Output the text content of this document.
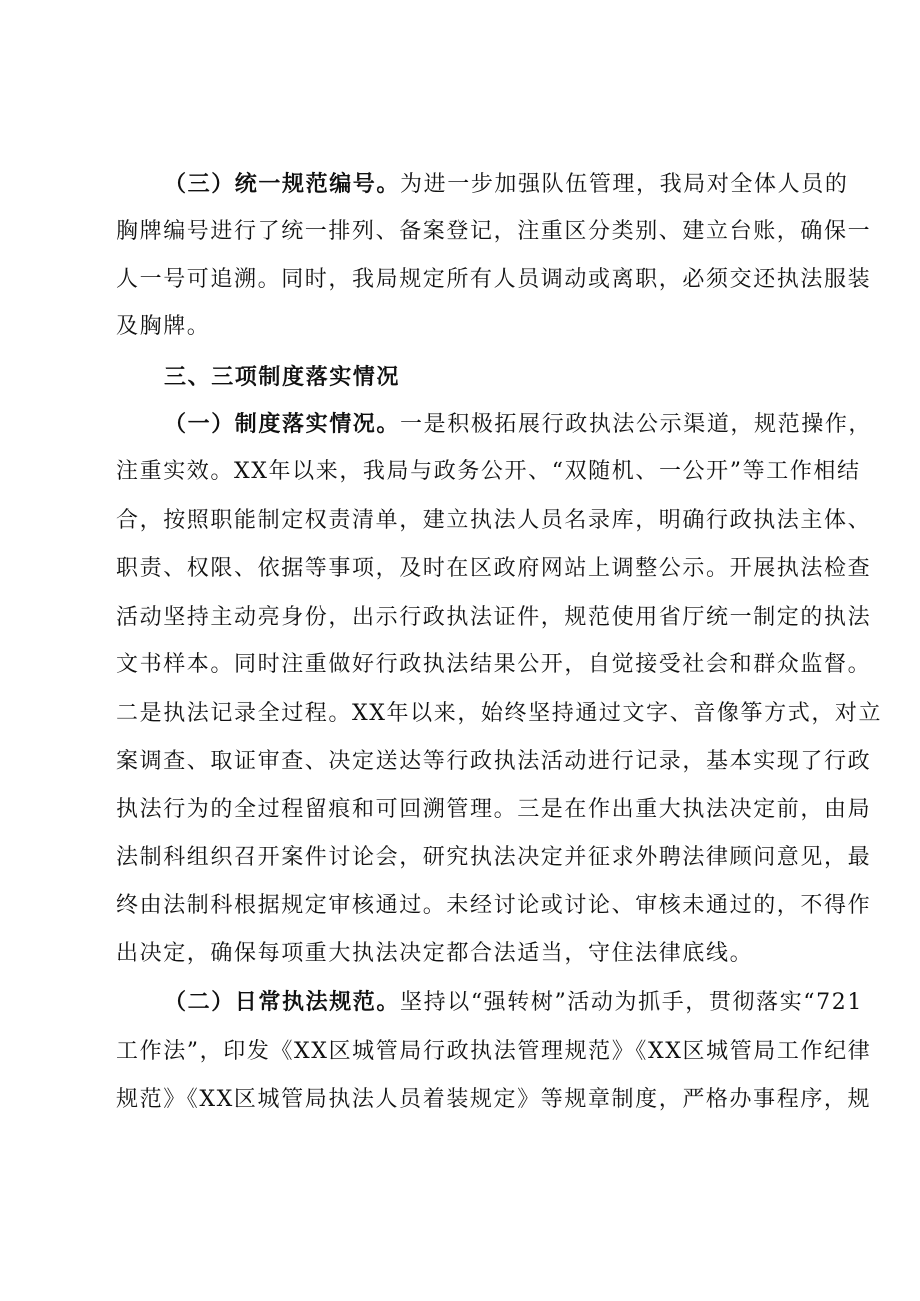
（三）统一规范编号。为进一步加强队伍管理，我局对全体人员的
胸牌编号进行了统一排列、备案登记，注重区分类别、建立台账，确保一
人一号可追溯。同时，我局规定所有人员调动或离职，必须交还执法服装
及胸牌。
三、三项制度落实情况
（一）制度落实情况。一是积极拓展行政执法公示渠道，规范操作，
注重实效。XX年以来，我局与政务公开、“双随机、一公开”等工作相结
合，按照职能制定权责清单，建立执法人员名录库，明确行政执法主体、
职责、权限、依据等事项，及时在区政府网站上调整公示。开展执法检查
活动坚持主动亮身份，出示行政执法证件，规范使用省厅统一制定的执法
文书样本。同时注重做好行政执法结果公开，自觉接受社会和群众监督。
二是执法记录全过程。XX年以来，始终坚持通过文字、音像筝方式，对立
案调查、取证审查、决定送达等行政执法活动进行记录，基本实现了行政
执法行为的全过程留痕和可回溯管理。三是在作出重大执法决定前，由局
法制科组织召开案件讨论会，研究执法决定并征求外聘法律顾问意见，最
终由法制科根据规定审核通过。未经讨论或讨论、审核未通过的，不得作
出决定，确保每项重大执法决定都合法适当，守住法律底线。
（二）日常执法规范。坚持以“强转树”活动为抓手，贯彻落实“721
工作法”，印发《XX区城管局行政执法管理规范》《XX区城管局工作纪律
规范》《XX区城管局执法人员着装规定》等规章制度，严格办事程序，规
